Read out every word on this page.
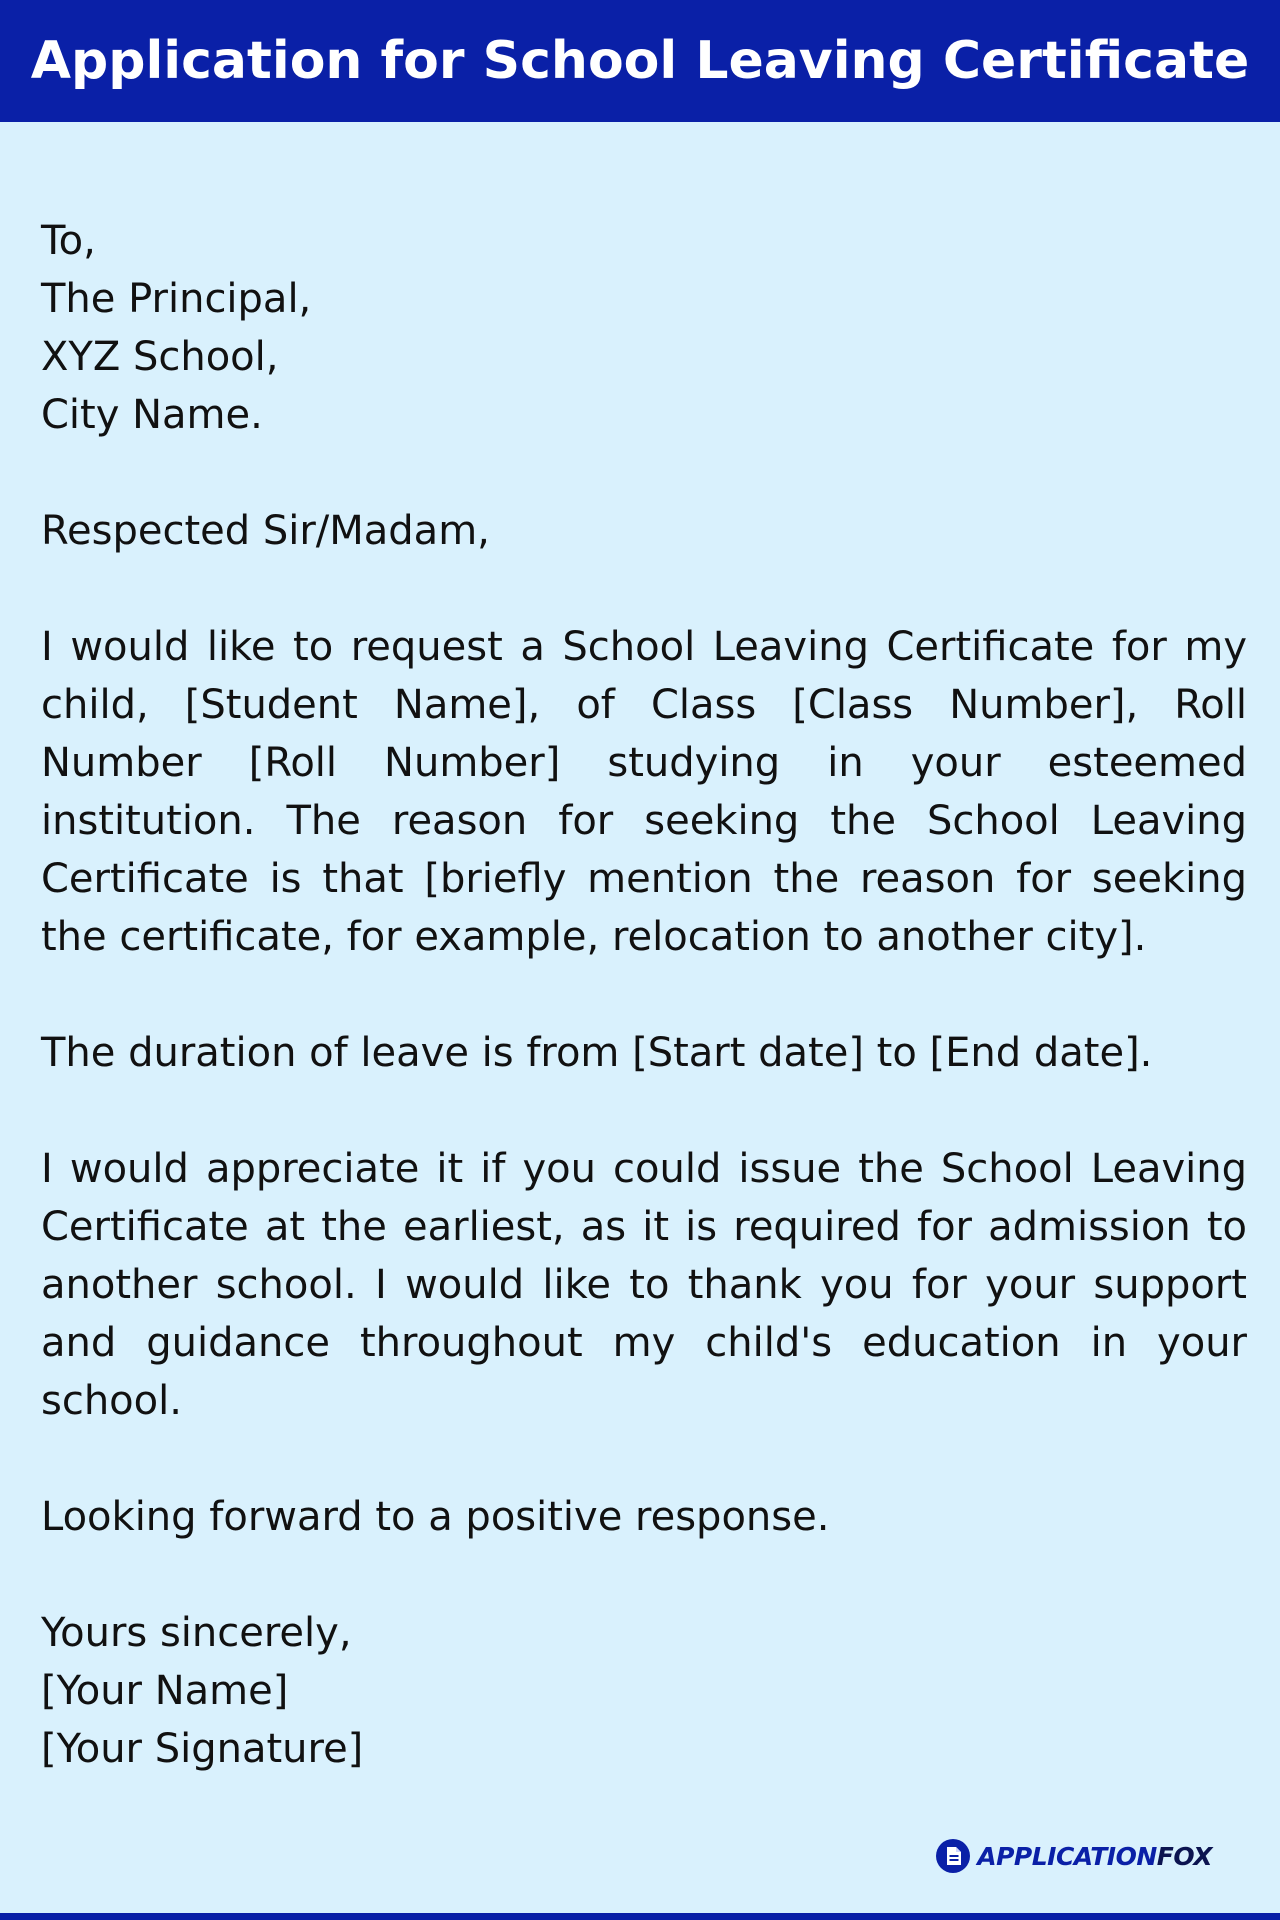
Application for School Leaving Certificate
To,
The Principal,
XYZ School,
City Name.
Respected Sir/Madam,

I would like to request a School Leaving Certificate for my child, [Student Name], of Class [Class Number], Roll Number [Roll Number] studying in your esteemed institution. The reason for seeking the School Leaving Certificate is that [briefly mention the reason for seeking the certificate, for example, relocation to another city].

The duration of leave is from [Start date] to [End date].

I would appreciate it if you could issue the School Leaving Certificate at the earliest, as it is required for admission to another school. I would like to thank you for your support and guidance throughout my child's education in your school.

Looking forward to a positive response.

Yours sincerely,
[Your Name]
[Your Signature]
APPLICATIONFOX
